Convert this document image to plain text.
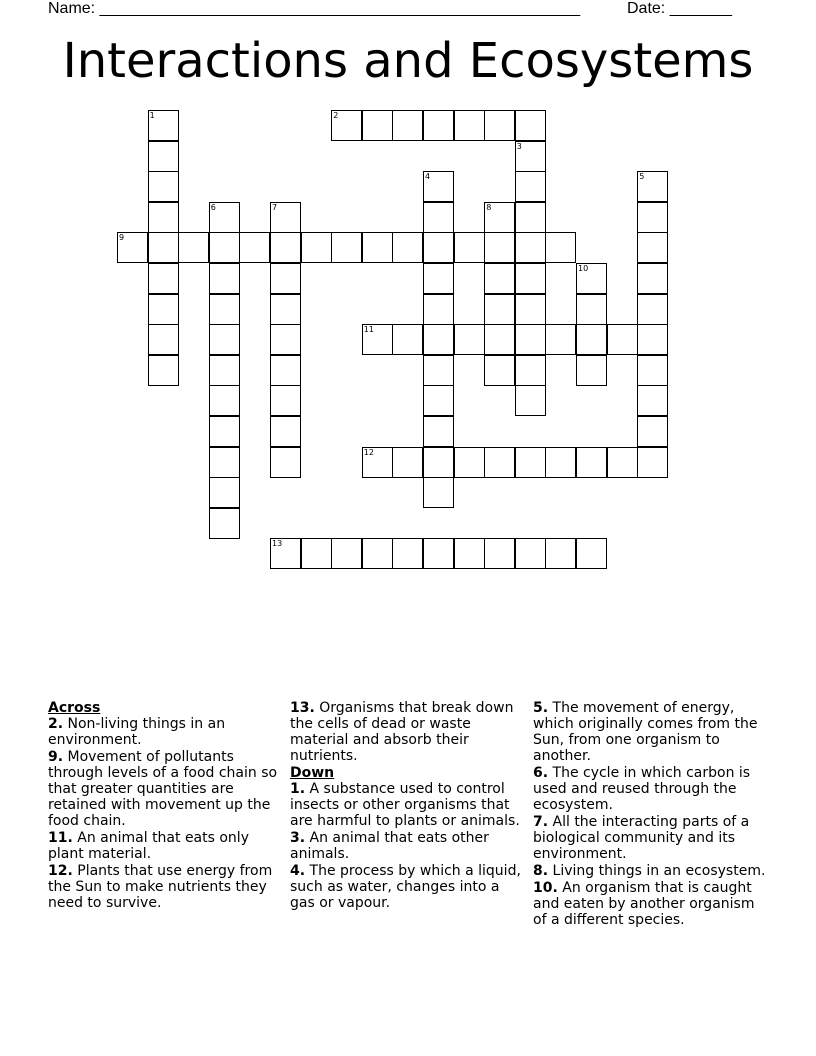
Name: ______________________________________________________	Date: _______
Interactions and Ecosystems
1	2
3
4	5
6	7	8
9
10
11
12
13
Across
2. Non-living things in an environment.
9. Movement of pollutants through levels of a food chain so that greater quantities are retained with movement up the food chain.
11. An animal that eats only plant material.
12. Plants that use energy from the Sun to make nutrients they need to survive.
13. Organisms that break down the cells of dead or waste material and absorb their nutrients.
Down
1. A substance used to control insects or other organisms that are harmful to plants or animals.
3. An animal that eats other animals.
4. The process by which a liquid, such as water, changes into a gas or vapour.
5. The movement of energy, which originally comes from the Sun, from one organism to another.
6. The cycle in which carbon is used and reused through the ecosystem.
7. All the interacting parts of a biological community and its environment.
8. Living things in an ecosystem.
10. An organism that is caught and eaten by another organism of a different species.
